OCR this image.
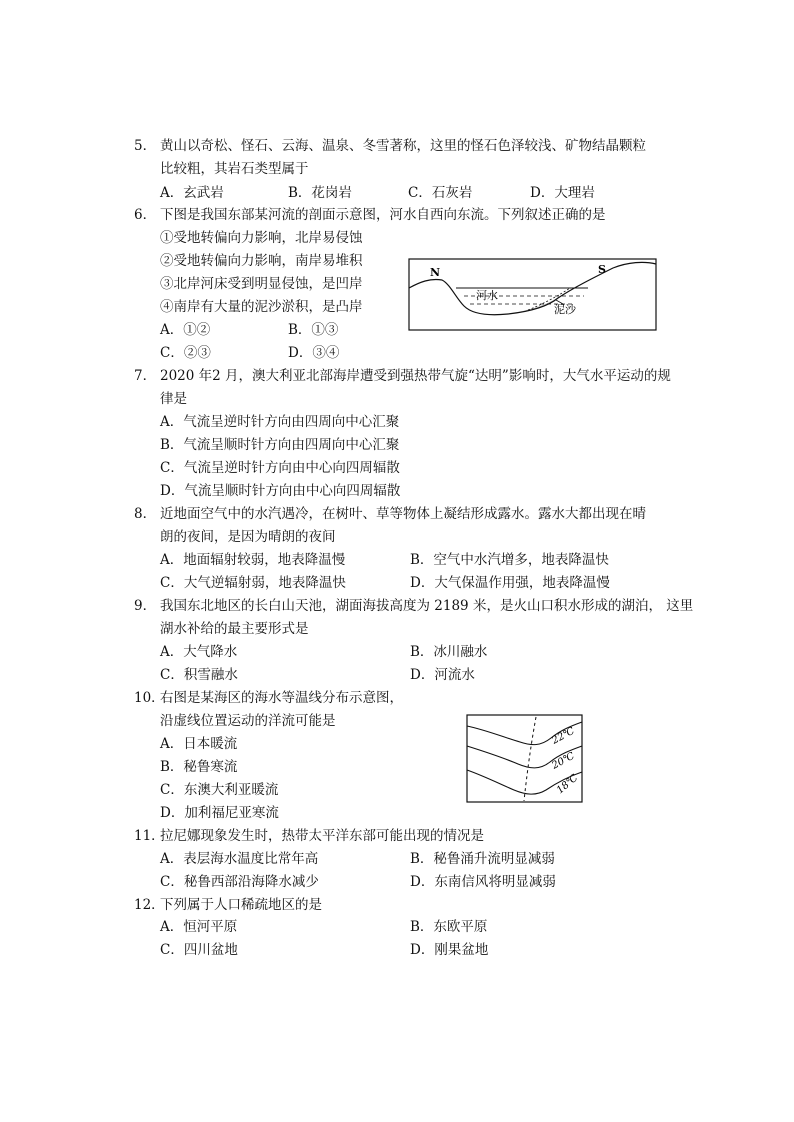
5． 黄山以奇松、怪石、云海、温泉、冬雪著称，这里的怪石色泽较浅、矿物结晶颗粒
比较粗，其岩石类型属于
A．玄武岩	B．花岗岩	C．石灰岩	D．大理岩
6． 下图是我国东部某河流的剖面示意图，河水自西向东流。下列叙述正确的是
①受地转偏向力影响，北岸易侵蚀
②受地转偏向力影响，南岸易堆积
③北岸河床受到明显侵蚀，是凹岸
④南岸有大量的泥沙淤积，是凸岸
A．①②	B．①③
C．②③	D．③④
N	S
河水
泥沙
7． 2020 年2 月，澳大利亚北部海岸遭受到强热带气旋“达明”影响时，大气水平运动的规
律是
A．气流呈逆时针方向由四周向中心汇聚
B．气流呈顺时针方向由四周向中心汇聚
C．气流呈逆时针方向由中心向四周辐散
D．气流呈顺时针方向由中心向四周辐散
8． 近地面空气中的水汽遇冷，在树叶、草等物体上凝结形成露水。露水大都出现在晴
朗的夜间，是因为晴朗的夜间
A．地面辐射较弱，地表降温慢	B．空气中水汽增多，地表降温快
C．大气逆辐射弱，地表降温快	D．大气保温作用强，地表降温慢
9． 我国东北地区的长白山天池，湖面海拔高度为 2189 米，是火山口积水形成的湖泊， 这里
湖水补给的最主要形式是
A．大气降水	B．冰川融水
C．积雪融水	D．河流水
10．
右图是某海区的海水等温线分布示意图，
沿虚线位置运动的洋流可能是
A．日本暖流
B．秘鲁寒流
C．东澳大利亚暖流
D．加利福尼亚寒流
22℃
20℃
18℃
11．
拉尼娜现象发生时，热带太平洋东部可能出现的情况是
A．表层海水温度比常年高	B．秘鲁涌升流明显减弱
C．秘鲁西部沿海降水减少	D．东南信风将明显减弱
12．
下列属于人口稀疏地区的是
A．恒河平原	B．东欧平原
C．四川盆地	D．刚果盆地
